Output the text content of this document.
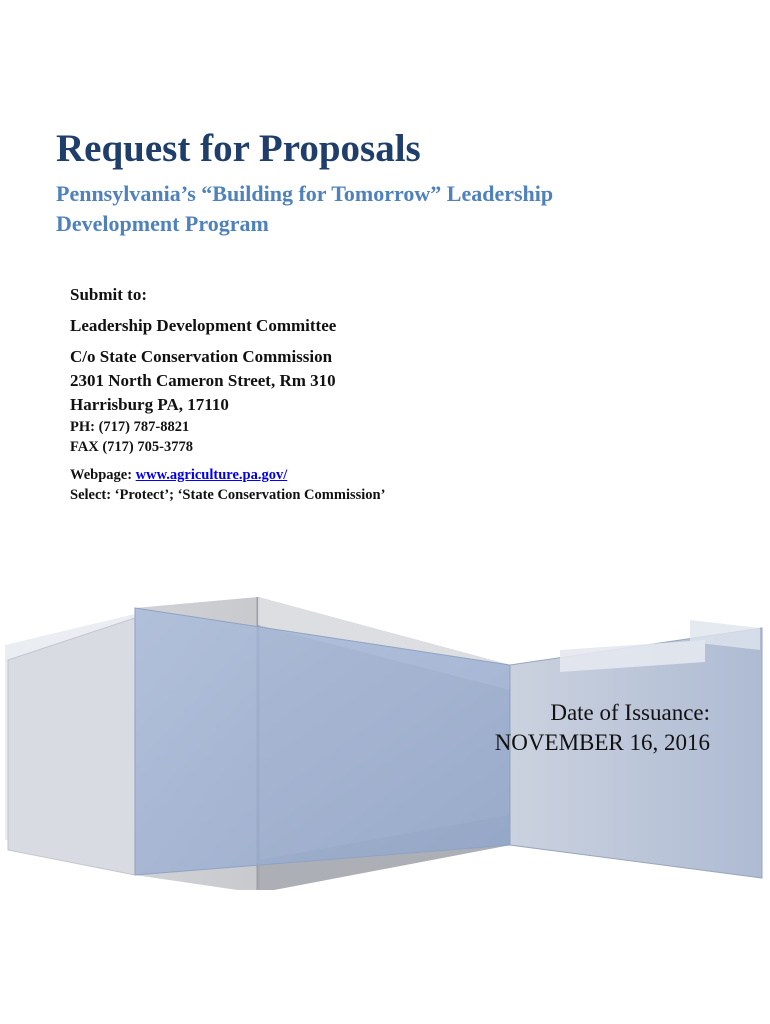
Request for Proposals

Pennsylvania’s “Building for Tomorrow” Leadership Development Program

Submit to:
Leadership Development Committee
C/o State Conservation Commission
2301 North Cameron Street, Rm 310
Harrisburg PA, 17110
PH: (717) 787-8821
FAX (717) 705-3778
Webpage: www.agriculture.pa.gov/
Select: ‘Protect’; ‘State Conservation Commission’
Date of Issuance:
NOVEMBER 16, 2016
